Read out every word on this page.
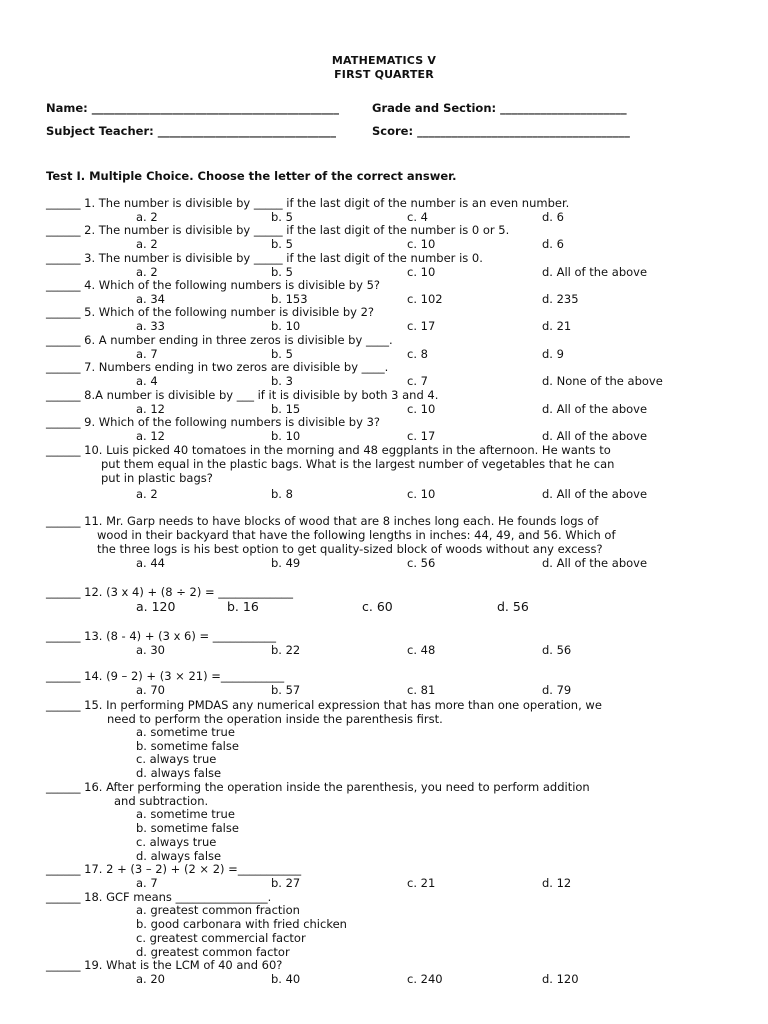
MATHEMATICS V
FIRST QUARTER
Name: ___________________________________________	Grade and Section: ______________________
Subject Teacher: _______________________________	Score: _____________________________________
Test I. Multiple Choice. Choose the letter of the correct answer.
______ 1. The number is divisible by _____ if the last digit of the number is an even number.
a. 2	b. 5	c. 4	d. 6
______ 2. The number is divisible by _____ if the last digit of the number is 0 or 5.
a. 2	b. 5	c. 10	d. 6
______ 3. The number is divisible by _____ if the last digit of the number is 0.
a. 2	b. 5	c. 10	d. All of the above
______ 4. Which of the following numbers is divisible by 5?
a. 34	b. 153	c. 102	d. 235
______ 5. Which of the following number is divisible by 2?
a. 33	b. 10	c. 17	d. 21
______ 6. A number ending in three zeros is divisible by ____.
a. 7	b. 5	c. 8	d. 9
______ 7. Numbers ending in two zeros are divisible by ____.
a. 4	b. 3	c. 7	d. None of the above
______ 8.A number is divisible by ___ if it is divisible by both 3 and 4.
a. 12	b. 15	c. 10	d. All of the above
______ 9. Which of the following numbers is divisible by 3?
a. 12	b. 10	c. 17	d. All of the above
______ 10. Luis picked 40 tomatoes in the morning and 48 eggplants in the afternoon. He wants to
put them equal in the plastic bags. What is the largest number of vegetables that he can
put in plastic bags?
a. 2	b. 8	c. 10	d. All of the above
______ 11. Mr. Garp needs to have blocks of wood that are 8 inches long each. He founds logs of
wood in their backyard that have the following lengths in inches: 44, 49, and 56. Which of
the three logs is his best option to get quality-sized block of woods without any excess?
a. 44	b. 49	c. 56	d. All of the above
______ 12. (3 x 4) + (8 ÷ 2) = _____________
a. 120	b. 16	c. 60	d. 56
______ 13. (8 - 4) + (3 x 6) = ___________
a. 30	b. 22	c. 48	d. 56
______ 14. (9 – 2) + (3 × 21) =___________
a. 70	b. 57	c. 81	d. 79
______ 15. In performing PMDAS any numerical expression that has more than one operation, we
need to perform the operation inside the parenthesis first.
a. sometime true
b. sometime false
c. always true
d. always false
______ 16. After performing the operation inside the parenthesis, you need to perform addition
and subtraction.
a. sometime true
b. sometime false
c. always true
d. always false
______ 17. 2 + (3 – 2) + (2 × 2) =___________
a. 7	b. 27	c. 21	d. 12
______ 18. GCF means ________________.
a. greatest common fraction
b. good carbonara with fried chicken
c. greatest commercial factor
d. greatest common factor
______ 19. What is the LCM of 40 and 60?
a. 20	b. 40	c. 240	d. 120
